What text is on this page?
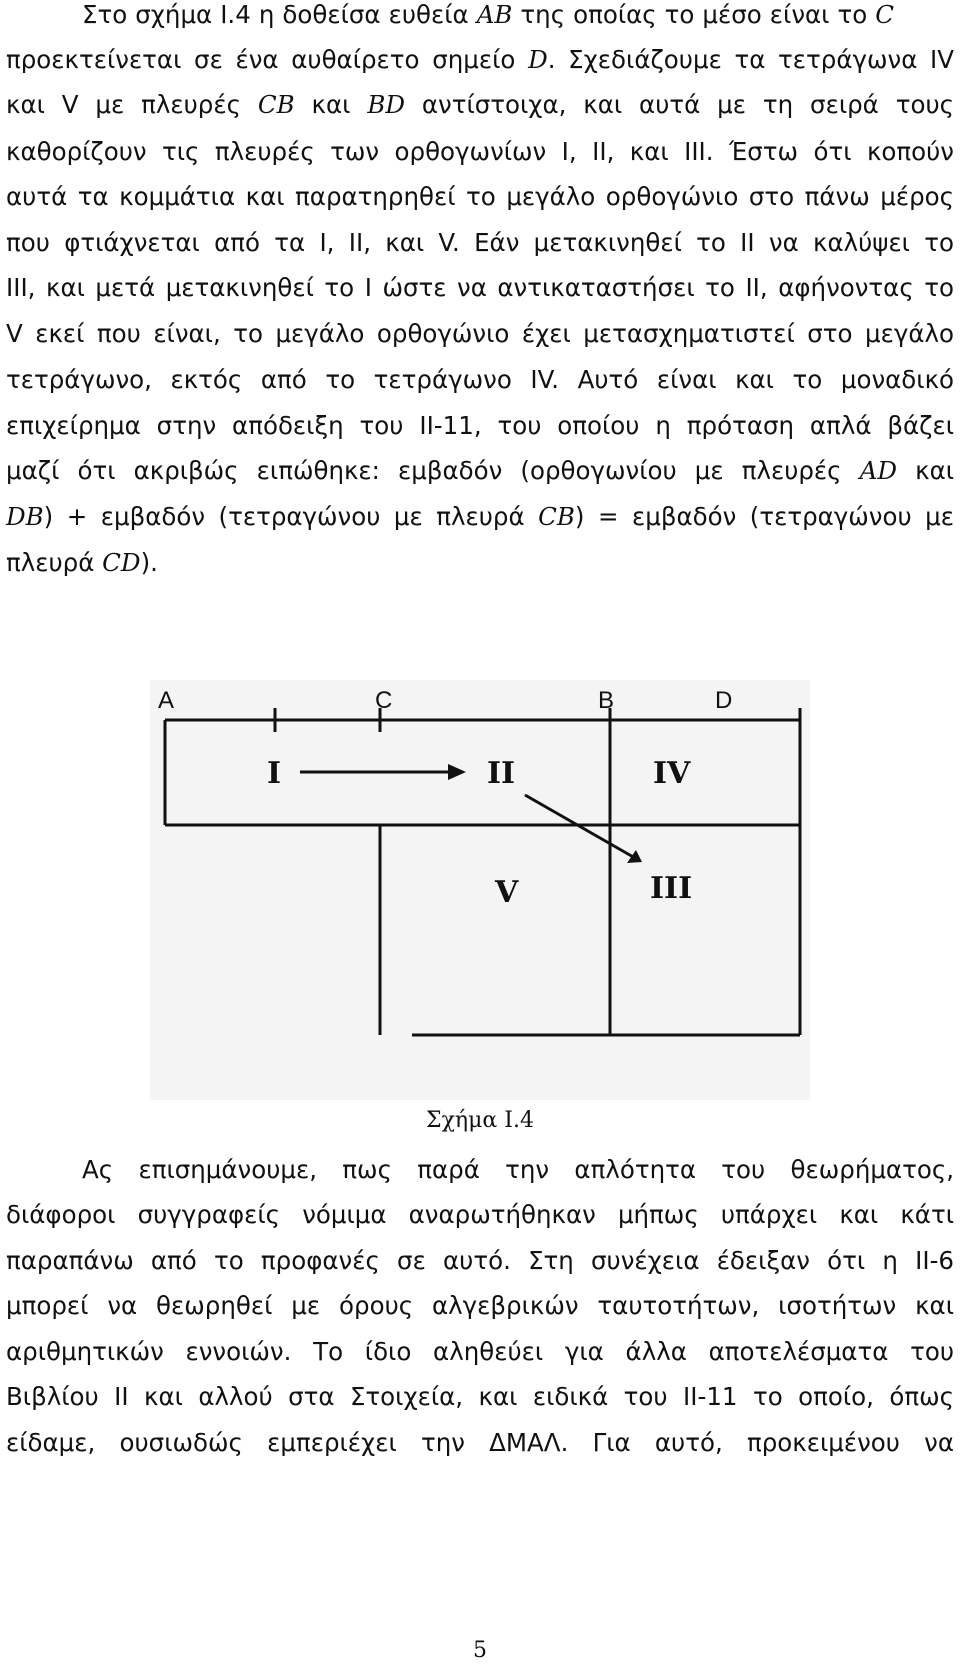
Στο σχήμα Ι.4 η δοθείσα ευθεία AB της οποίας το μέσο είναι το C
προεκτείνεται σε ένα αυθαίρετο σημείο D. Σχεδιάζουμε τα τετράγωνα IV
και V με πλευρές CB και BD αντίστοιχα, και αυτά με τη σειρά τους
καθορίζουν τις πλευρές των ορθογωνίων I, II, και III. Έστω ότι κοπούν
αυτά τα κομμάτια και παρατηρηθεί το μεγάλο ορθογώνιο στο πάνω μέρος
που φτιάχνεται από τα I, II, και V. Εάν μετακινηθεί το II να καλύψει το
III, και μετά μετακινηθεί το I ώστε να αντικαταστήσει το II, αφήνοντας το
V εκεί που είναι, το μεγάλο ορθογώνιο έχει μετασχηματιστεί στο μεγάλο
τετράγωνο, εκτός από το τετράγωνο IV. Αυτό είναι και το μοναδικό
επιχείρημα στην απόδειξη του II-11, του οποίου η πρόταση απλά βάζει
μαζί ότι ακριβώς ειπώθηκε: εμβαδόν (ορθογωνίου με πλευρές AD και
DB) + εμβαδόν (τετραγώνου με πλευρά CB) = εμβαδόν (τετραγώνου με
πλευρά CD).
A	C	B	D
I	II	IV
V	III
Σχήμα Ι.4
Ας επισημάνουμε, πως παρά την απλότητα του θεωρήματος,
διάφοροι συγγραφείς νόμιμα αναρωτήθηκαν μήπως υπάρχει και κάτι
παραπάνω από το προφανές σε αυτό. Στη συνέχεια έδειξαν ότι η II-6
μπορεί να θεωρηθεί με όρους αλγεβρικών ταυτοτήτων, ισοτήτων και
αριθμητικών εννοιών. Το ίδιο αληθεύει για άλλα αποτελέσματα του
Βιβλίου II και αλλού στα Στοιχεία, και ειδικά του II-11 το οποίο, όπως
είδαμε, ουσιωδώς εμπεριέχει την ΔΜΑΛ. Για αυτό, προκειμένου να
5
